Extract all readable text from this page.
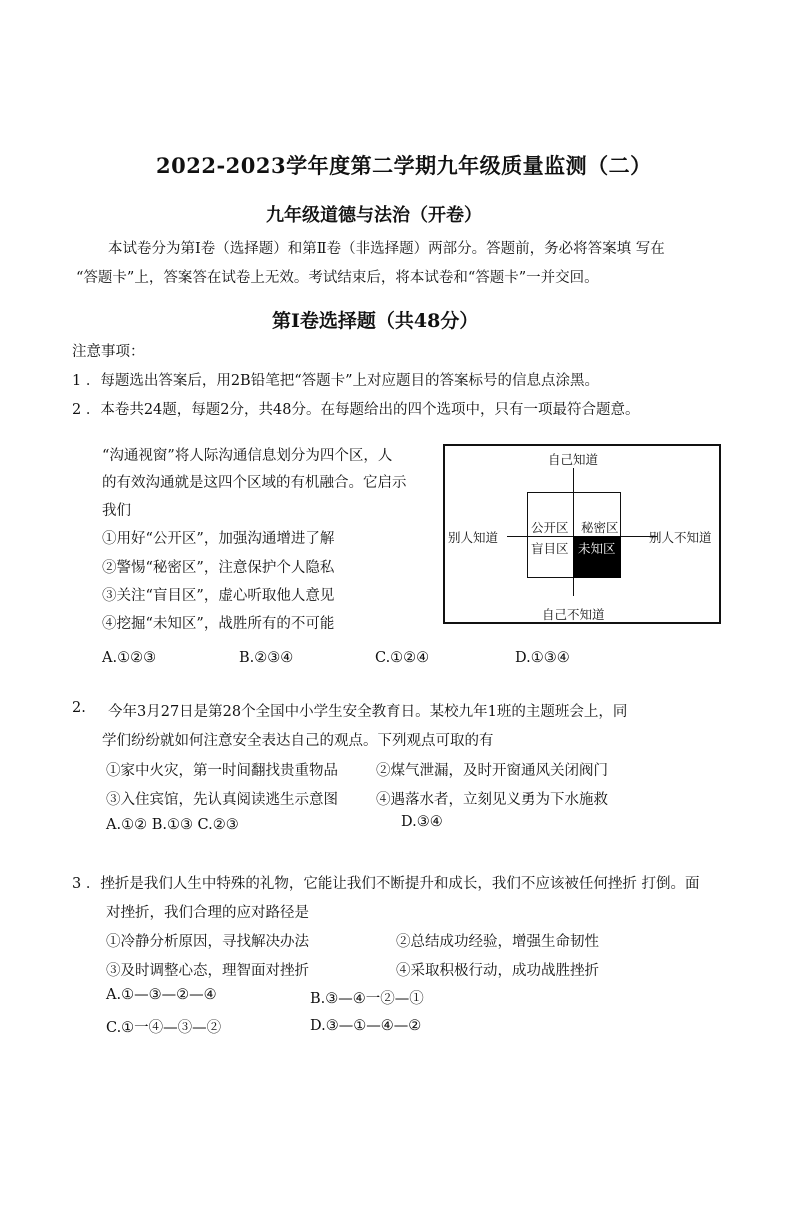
2022-2023学年度第二学期九年级质量监测（二）
九年级道德与法治（开卷）
本试卷分为第Ⅰ卷（选择题）和第Ⅱ卷（非选择题）两部分。答题前，务必将答案填 写在
“答题卡”上，答案答在试卷上无效。考试结束后，将本试卷和“答题卡”一并交回。
第Ⅰ卷选择题（共48分）
注意事项：
1 ．每题选出答案后，用2B铅笔把“答题卡”上对应题目的答案标号的信息点涂黑。
2 ．本卷共24题，每题2分，共48分。在每题给出的四个选项中，只有一项最符合题意。
“沟通视窗”将人际沟通信息划分为四个区，人
的有效沟通就是这四个区域的有机融合。它启示
我们
①用好“公开区”，加强沟通增进了解
②警惕“秘密区”，注意保护个人隐私
③关注“盲目区”，虚心听取他人意见
④挖掘“未知区”，战胜所有的不可能
A.①②③	B.②③④	C.①②④	D.①③④
自己知道
自己不知道
别人知道	别人不知道
公开区 秘密区
盲目区 未知区
2. 今年3月27日是第28个全国中小学生安全教育日。某校九年1班的主题班会上，同
学们纷纷就如何注意安全表达自己的观点。下列观点可取的有
①家中火灾，第一时间翻找贵重物品	②煤气泄漏，及时开窗通风关闭阀门
③入住宾馆，先认真阅读逃生示意图	④遇落水者，立刻见义勇为下水施救
A.①② B.①③ C.②③	D.③④
3 ．挫折是我们人生中特殊的礼物，它能让我们不断提升和成长，我们不应该被任何挫折 打倒。面
对挫折，我们合理的应对路径是
①冷静分析原因，寻找解决办法	②总结成功经验，增强生命韧性
③及时调整心态，理智面对挫折	④采取积极行动，成功战胜挫折
A.①—③—②—④	B.③—④一②—①
C.①一④—③—②	D.③—①—④—②
